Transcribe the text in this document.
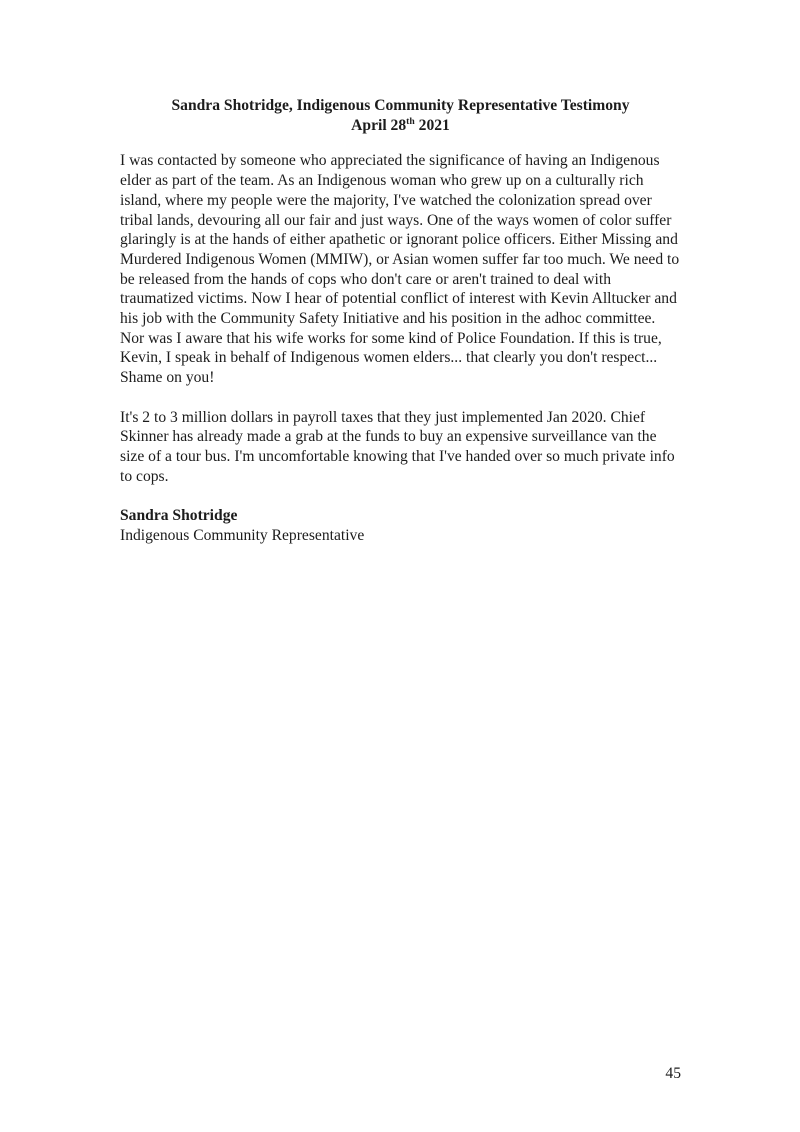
Sandra Shotridge, Indigenous Community Representative Testimony
April 28th 2021

I was contacted by someone who appreciated the significance of having an Indigenous elder as part of the team. As an Indigenous woman who grew up on a culturally rich island, where my people were the majority, I've watched the colonization spread over tribal lands, devouring all our fair and just ways. One of the ways women of color suffer glaringly is at the hands of either apathetic or ignorant police officers. Either Missing and Murdered Indigenous Women (MMIW), or Asian women suffer far too much. We need to be released from the hands of cops who don't care or aren't trained to deal with traumatized victims. Now I hear of potential conflict of interest with Kevin Alltucker and his job with the Community Safety Initiative and his position in the adhoc committee. Nor was I aware that his wife works for some kind of Police Foundation. If this is true, Kevin, I speak in behalf of Indigenous women elders... that clearly you don't respect... Shame on you!

It's 2 to 3 million dollars in payroll taxes that they just implemented Jan 2020. Chief Skinner has already made a grab at the funds to buy an expensive surveillance van the size of a tour bus. I'm uncomfortable knowing that I've handed over so much private info to cops.

Sandra Shotridge

Indigenous Community Representative

45
